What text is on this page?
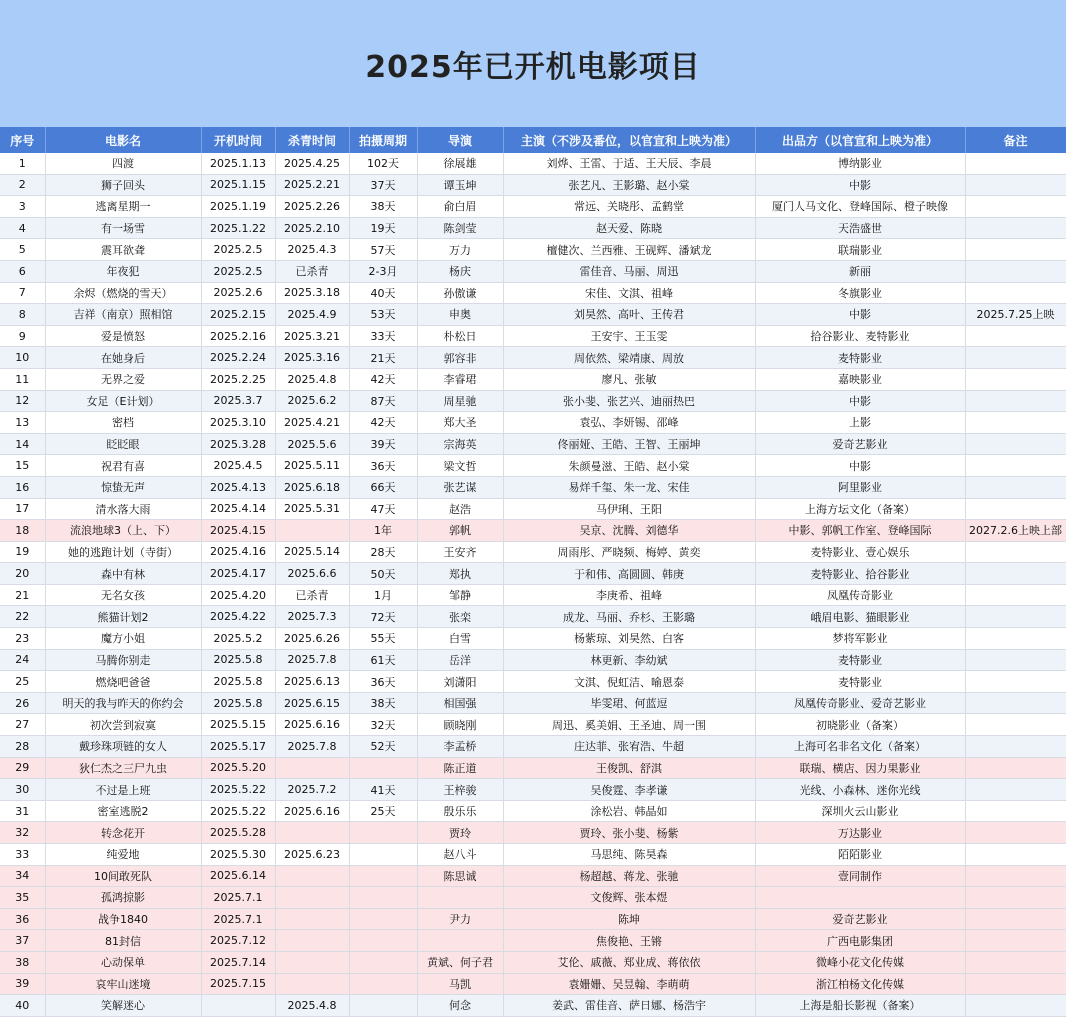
2025年已开机电影项目
序号	电影名	开机时间	杀青时间	拍摄周期	导演	主演（不涉及番位，以官宣和上映为准）	出品方（以官宣和上映为准）	备注
1	四渡	2025.1.13	2025.4.25	102天	徐展雄	刘烨、王雷、于适、王天辰、李晨	博纳影业	
2	狮子回头	2025.1.15	2025.2.21	37天	谭玉坤	张艺凡、王影璐、赵小棠	中影	
3	逃离星期一	2025.1.19	2025.2.26	38天	俞白眉	常远、关晓彤、孟鹤堂	厦门人马文化、登峰国际、橙子映像	
4	有一场雪	2025.1.22	2025.2.10	19天	陈剑莹	赵天爱、陈晓	天浩盛世	
5	震耳欲聋	2025.2.5	2025.4.3	57天	万力	檀健次、兰西雅、王砚辉、潘斌龙	联瑞影业	
6	年夜犯	2025.2.5	已杀青	2-3月	杨庆	雷佳音、马丽、周迅	新丽	
7	余烬（燃烧的雪天）	2025.2.6	2025.3.18	40天	孙傲谦	宋佳、文淇、祖峰	冬旗影业	
8	吉祥（南京）照相馆	2025.2.15	2025.4.9	53天	申奥	刘昊然、高叶、王传君	中影	2025.7.25上映
9	爱是愤怒	2025.2.16	2025.3.21	33天	朴松日	王安宇、王玉雯	拾谷影业、麦特影业	
10	在她身后	2025.2.24	2025.3.16	21天	郭容非	周依然、梁靖康、周放	麦特影业	
11	无界之爱	2025.2.25	2025.4.8	42天	李睿珺	廖凡、张敏	嘉映影业	
12	女足（E计划）	2025.3.7	2025.6.2	87天	周星驰	张小斐、张艺兴、迪丽热巴	中影	
13	密档	2025.3.10	2025.4.21	42天	郑大圣	袁弘、李妍锡、邵峰	上影	
14	眨眨眼	2025.3.28	2025.5.6	39天	宗海英	佟丽娅、王皓、王智、王丽坤	爱奇艺影业	
15	祝君有喜	2025.4.5	2025.5.11	36天	梁文哲	朱颜曼滋、王皓、赵小棠	中影	
16	惊蛰无声	2025.4.13	2025.6.18	66天	张艺谋	易烊千玺、朱一龙、宋佳	阿里影业	
17	清水落大雨	2025.4.14	2025.5.31	47天	赵浩	马伊琍、王阳	上海方坛文化（备案）	
18	流浪地球3（上、下）	2025.4.15		1年	郭帆	吴京、沈腾、刘德华	中影、郭帆工作室、登峰国际	2027.2.6上映上部
19	她的逃跑计划（寺街）	2025.4.16	2025.5.14	28天	王安齐	周雨彤、严晓频、梅婷、黄奕	麦特影业、壹心娱乐	
20	森中有林	2025.4.17	2025.6.6	50天	郑执	于和伟、高圆圆、韩庚	麦特影业、拾谷影业	
21	无名女孩	2025.4.20	已杀青	1月	邹静	李庚希、祖峰	凤凰传奇影业	
22	熊猫计划2	2025.4.22	2025.7.3	72天	张栾	成龙、马丽、乔杉、王影璐	峨眉电影、猫眼影业	
23	魔方小姐	2025.5.2	2025.6.26	55天	白雪	杨紫琼、刘昊然、白客	梦将军影业	
24	马腾你别走	2025.5.8	2025.7.8	61天	岳洋	林更新、李幼斌	麦特影业	
25	燃烧吧爸爸	2025.5.8	2025.6.13	36天	刘潇阳	文淇、倪虹洁、喻恩泰	麦特影业	
26	明天的我与昨天的你约会	2025.5.8	2025.6.15	38天	相国强	毕雯珺、何蓝逗	凤凰传奇影业、爱奇艺影业	
27	初次尝到寂寞	2025.5.15	2025.6.16	32天	顾晓刚	周迅、奚美娟、王圣迪、周一围	初晓影业（备案）	
28	戴珍珠项链的女人	2025.5.17	2025.7.8	52天	李孟桥	庄达菲、张宥浩、牛超	上海可名非名文化（备案）	
29	狄仁杰之三尸九虫	2025.5.20			陈正道	王俊凯、舒淇	联瑞、横店、因力果影业	
30	不过是上班	2025.5.22	2025.7.2	41天	王梓骏	吴俊霆、李孝谦	光线、小森林、迷你光线	
31	密室逃脱2	2025.5.22	2025.6.16	25天	殷乐乐	涂松岩、韩晶如	深圳火云山影业	
32	转念花开	2025.5.28			贾玲	贾玲、张小斐、杨紫	万达影业	
33	纯爱地	2025.5.30	2025.6.23		赵八斗	马思纯、陈昊森	陌陌影业	
34	10间敢死队	2025.6.14			陈思诚	杨超越、蒋龙、张驰	壹同制作	
35	孤鸿掠影	2025.7.1				文俊辉、张本煜		
36	战争1840	2025.7.1			尹力	陈坤	爱奇艺影业	
37	81封信	2025.7.12				焦俊艳、王锵	广西电影集团	
38	心动保单	2025.7.14			黄斌、何子君	艾伦、戚薇、郑业成、蒋依依	微峰小花文化传媒	
39	哀牢山迷境	2025.7.15			马凯	袁姗姗、吴昱翰、李萌萌	浙江柏杨文化传媒	
40	笑解迷心		2025.4.8		何念	姜武、雷佳音、萨日娜、杨浩宇	上海是船长影视（备案）	
